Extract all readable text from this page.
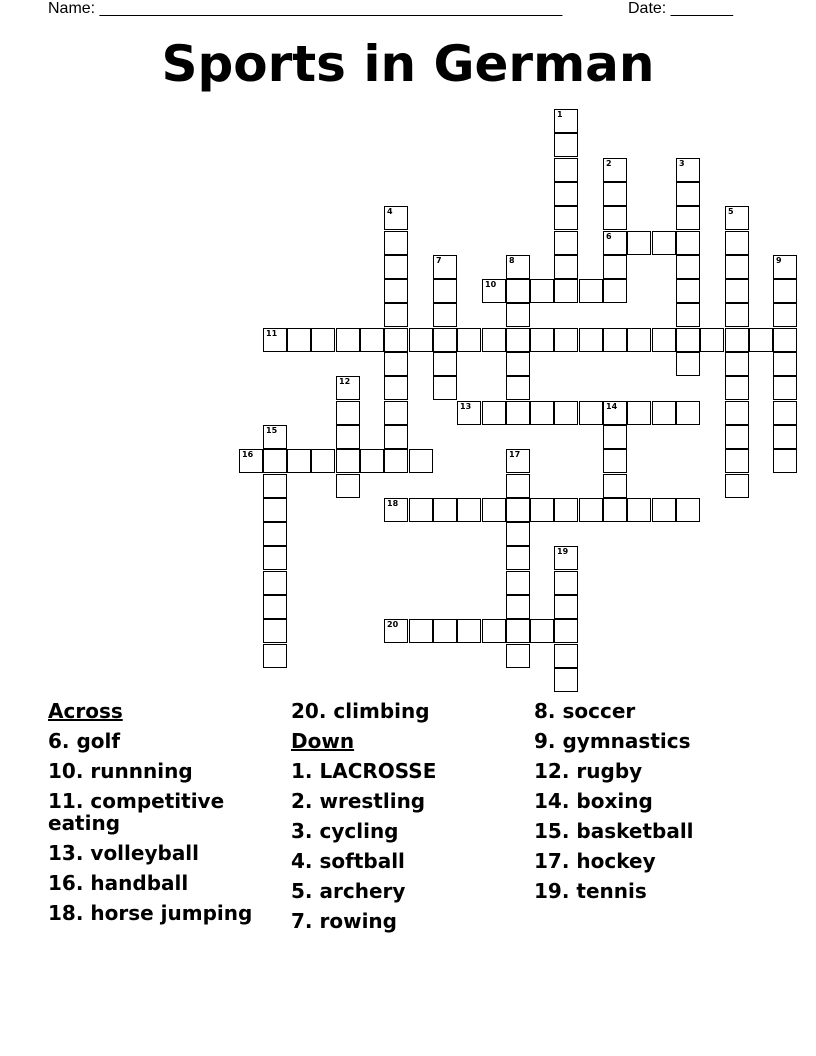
Name: ____________________________________________________	Date: _______
Sports in German
1
2
6
3
4	5
7	8	9
10
11
12
13	14
15
16	17
18
19
20
Across
6. golf
10. runnning
11. competitive eating
13. volleyball
16. handball
18. horse jumping
20. climbing
Down
1. LACROSSE
2. wrestling
3. cycling
4. softball
5. archery
7. rowing
8. soccer
9. gymnastics
12. rugby
14. boxing
15. basketball
17. hockey
19. tennis
